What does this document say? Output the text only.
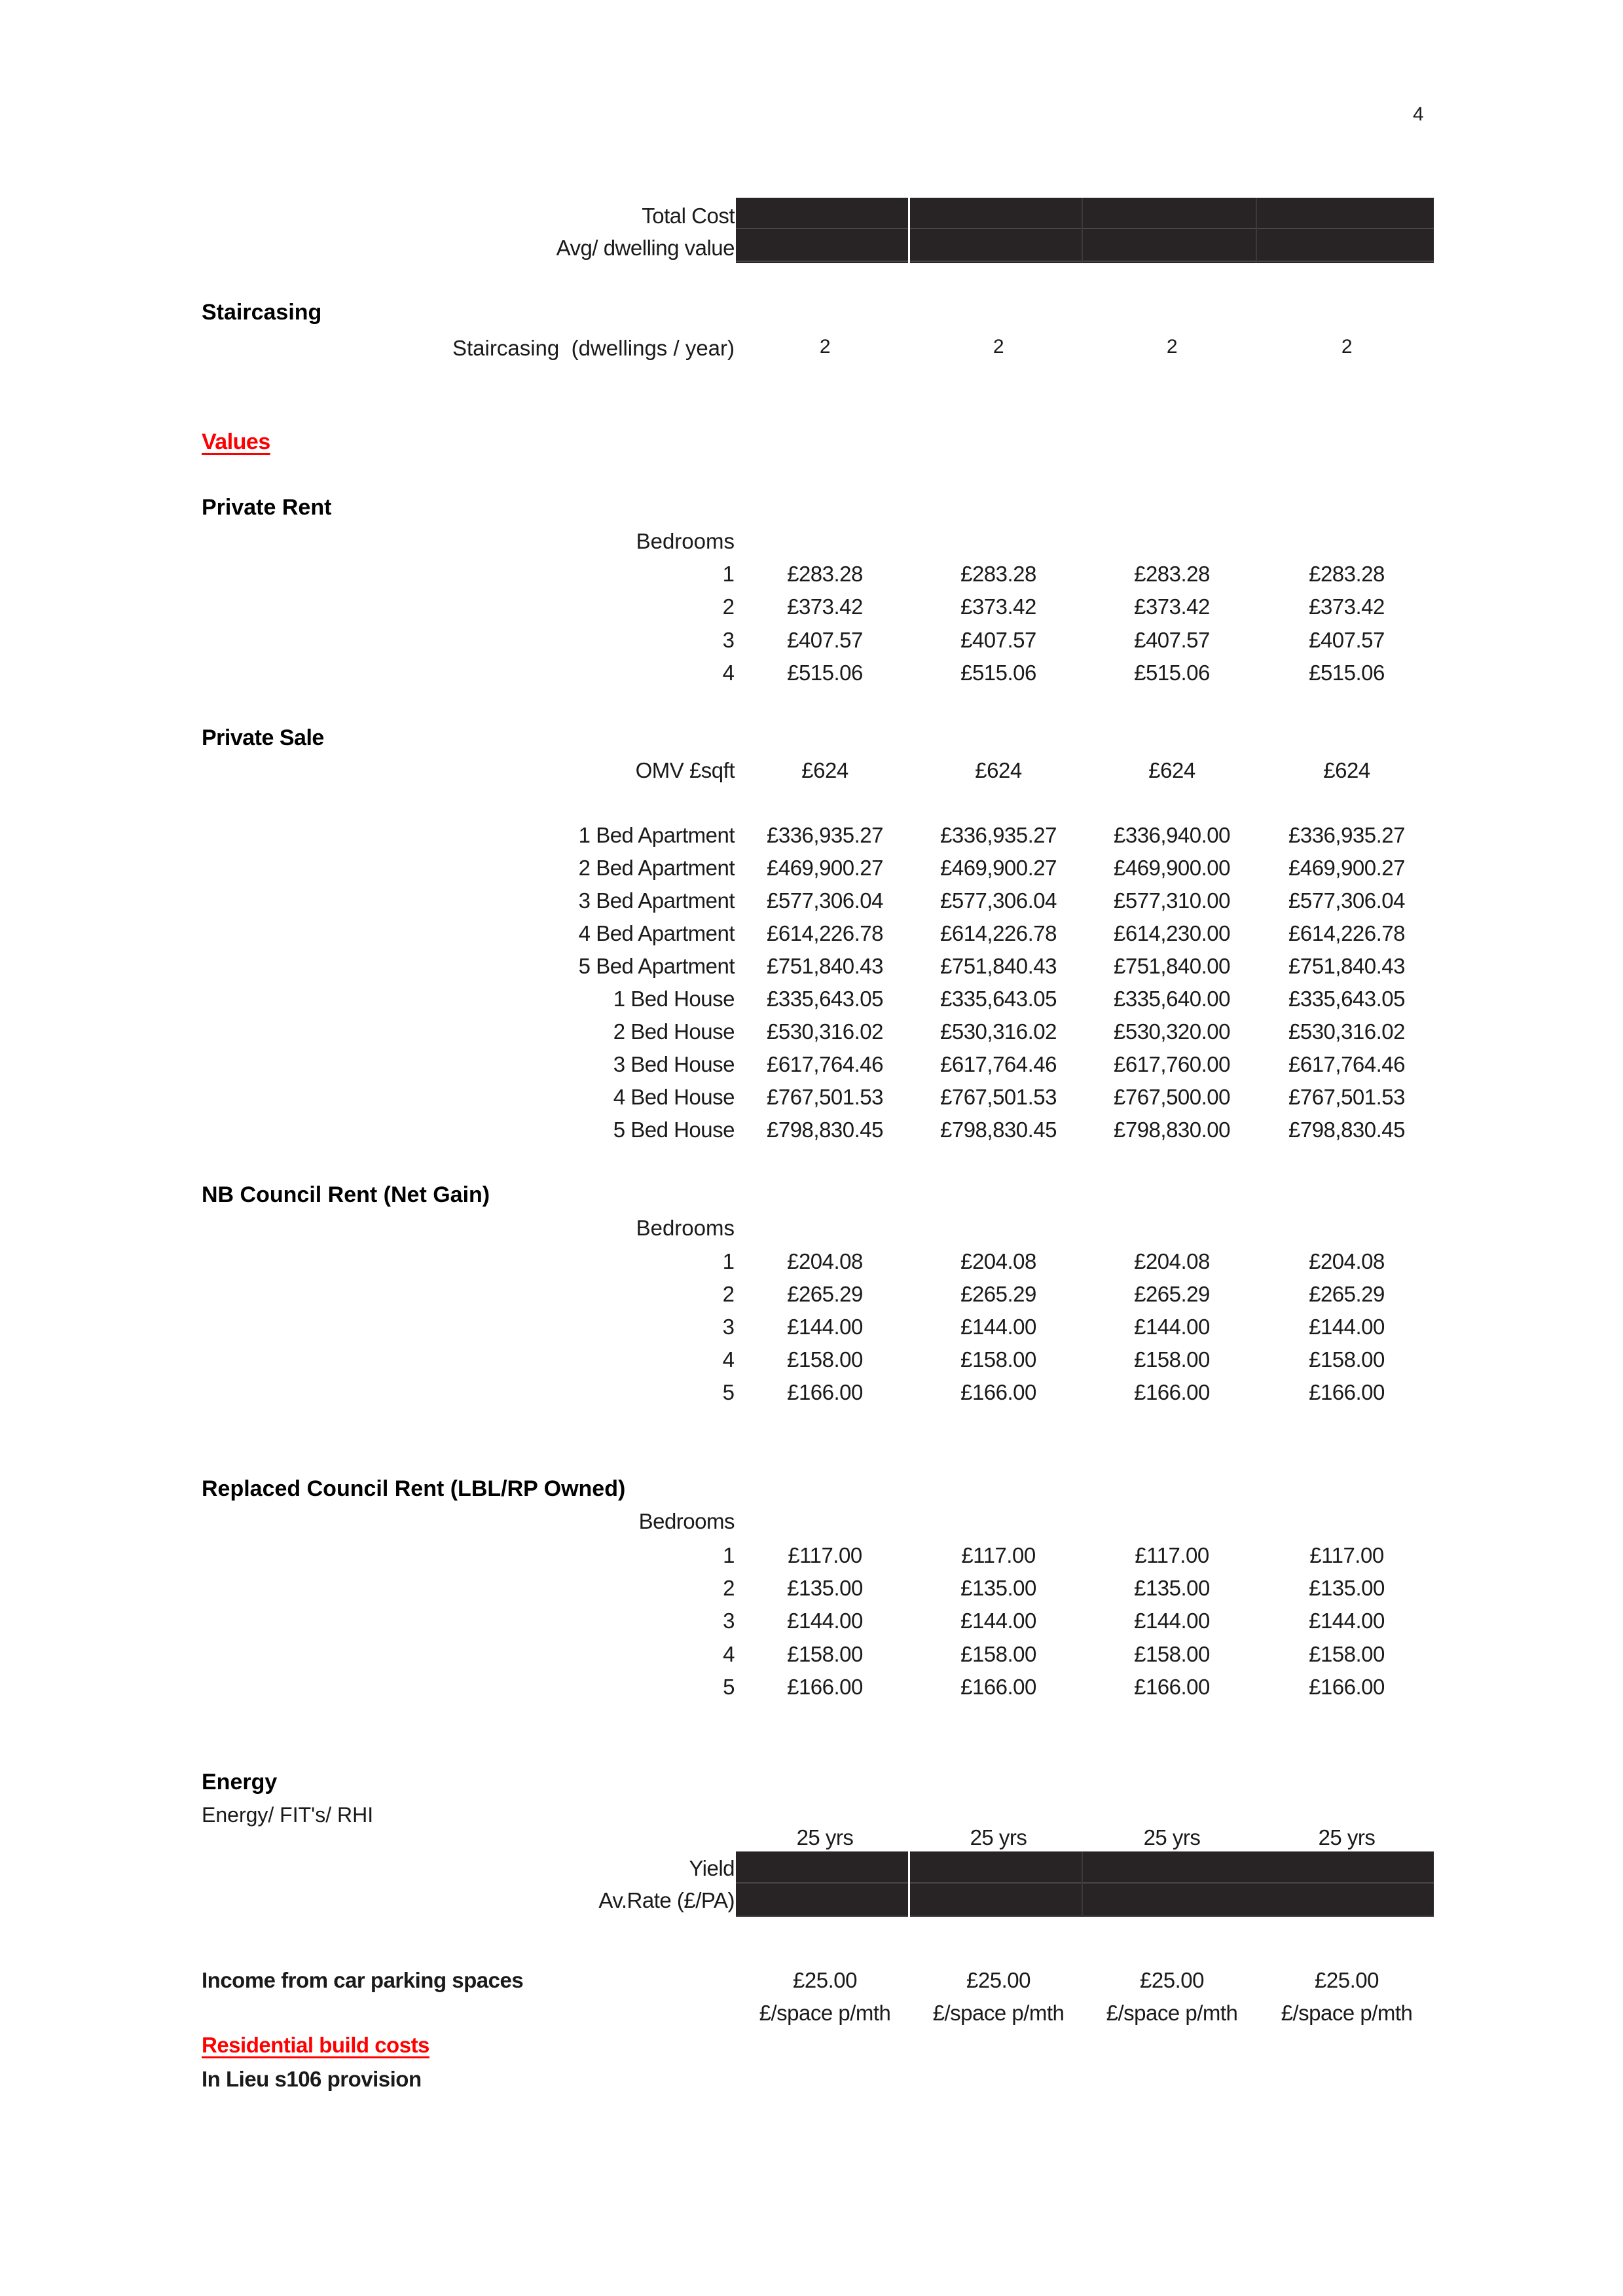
4
Total Cost
Avg/ dwelling value
Staircasing
Staircasing  (dwellings / year)	2	2	2	2
Values
Private Rent
Bedrooms
1	£283.28	£283.28	£283.28	£283.28
2	£373.42	£373.42	£373.42	£373.42
3	£407.57	£407.57	£407.57	£407.57
4	£515.06	£515.06	£515.06	£515.06
Private Sale
OMV £sqft	£624	£624	£624	£624
1 Bed Apartment	£336,935.27	£336,935.27	£336,940.00	£336,935.27
2 Bed Apartment	£469,900.27	£469,900.27	£469,900.00	£469,900.27
3 Bed Apartment	£577,306.04	£577,306.04	£577,310.00	£577,306.04
4 Bed Apartment	£614,226.78	£614,226.78	£614,230.00	£614,226.78
5 Bed Apartment	£751,840.43	£751,840.43	£751,840.00	£751,840.43
1 Bed House	£335,643.05	£335,643.05	£335,640.00	£335,643.05
2 Bed House	£530,316.02	£530,316.02	£530,320.00	£530,316.02
3 Bed House	£617,764.46	£617,764.46	£617,760.00	£617,764.46
4 Bed House	£767,501.53	£767,501.53	£767,500.00	£767,501.53
5 Bed House	£798,830.45	£798,830.45	£798,830.00	£798,830.45
NB Council Rent (Net Gain)
Bedrooms
1	£204.08	£204.08	£204.08	£204.08
2	£265.29	£265.29	£265.29	£265.29
3	£144.00	£144.00	£144.00	£144.00
4	£158.00	£158.00	£158.00	£158.00
5	£166.00	£166.00	£166.00	£166.00
Replaced Council Rent (LBL/RP Owned)
Bedrooms
1	£117.00	£117.00	£117.00	£117.00
2	£135.00	£135.00	£135.00	£135.00
3	£144.00	£144.00	£144.00	£144.00
4	£158.00	£158.00	£158.00	£158.00
5	£166.00	£166.00	£166.00	£166.00
Energy
Energy/ FIT's/ RHI
25 yrs	25 yrs	25 yrs	25 yrs
Yield
Av.Rate (£/PA)
Income from car parking spaces	£25.00	£25.00	£25.00	£25.00
£/space p/mth	£/space p/mth	£/space p/mth	£/space p/mth
Residential build costs
In Lieu s106 provision
